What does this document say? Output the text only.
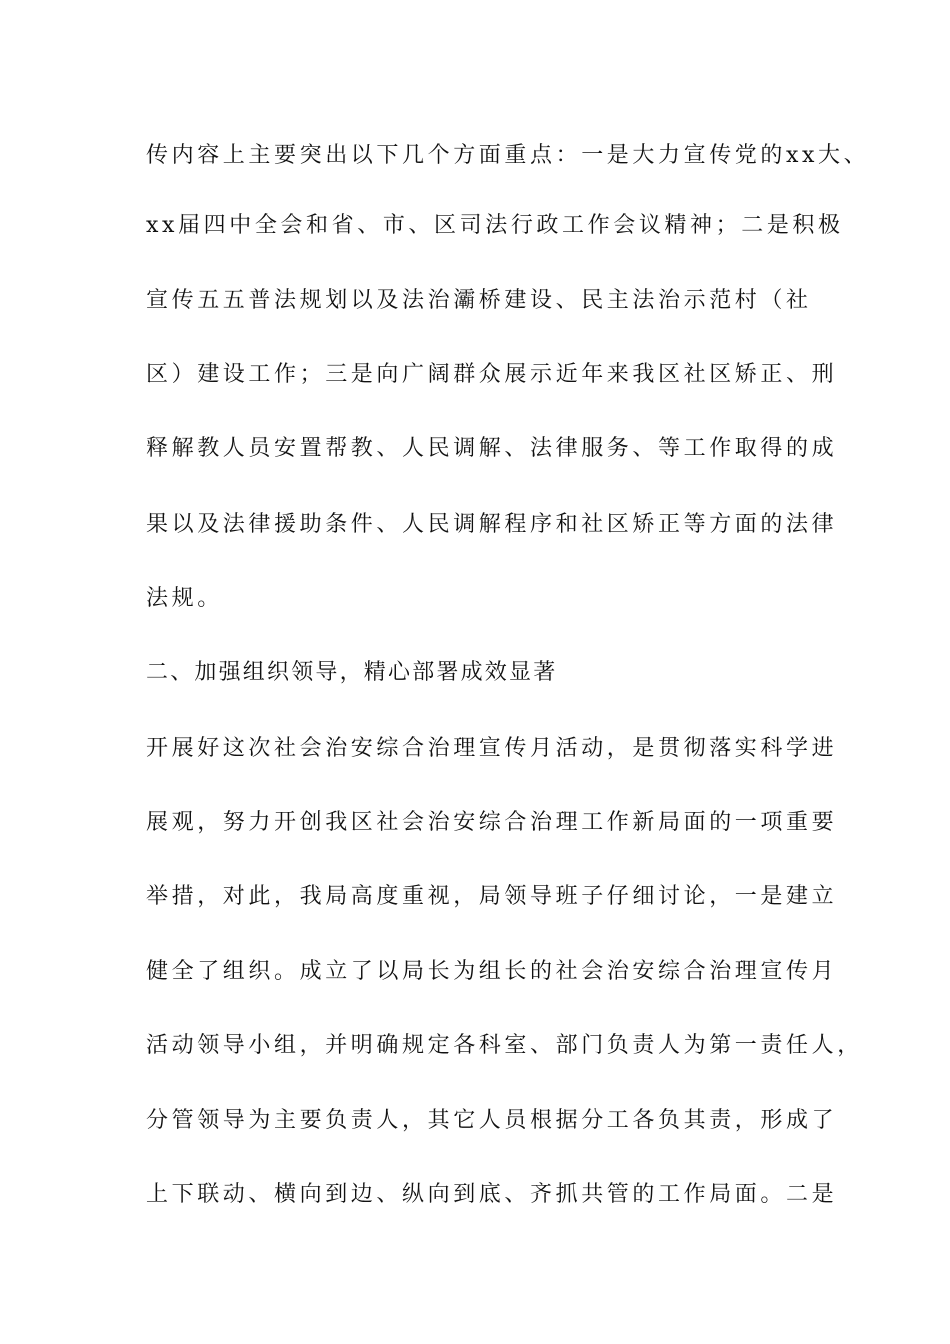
传内容上主要突出以下几个方面重点：一是大力宣传党的xx大、
xx届四中全会和省、市、区司法行政工作会议精神；二是积极
宣传五五普法规划以及法治灞桥建设、民主法治示范村（社
区）建设工作；三是向广阔群众展示近年来我区社区矫正、刑
释解教人员安置帮教、人民调解、法律服务、等工作取得的成
果以及法律援助条件、人民调解程序和社区矫正等方面的法律
法规。
二、加强组织领导，精心部署成效显著
开展好这次社会治安综合治理宣传月活动，是贯彻落实科学进
展观，努力开创我区社会治安综合治理工作新局面的一项重要
举措，对此，我局高度重视，局领导班子仔细讨论，一是建立
健全了组织。成立了以局长为组长的社会治安综合治理宣传月
活动领导小组，并明确规定各科室、部门负责人为第一责任人，
分管领导为主要负责人，其它人员根据分工各负其责，形成了
上下联动、横向到边、纵向到底、齐抓共管的工作局面。二是
